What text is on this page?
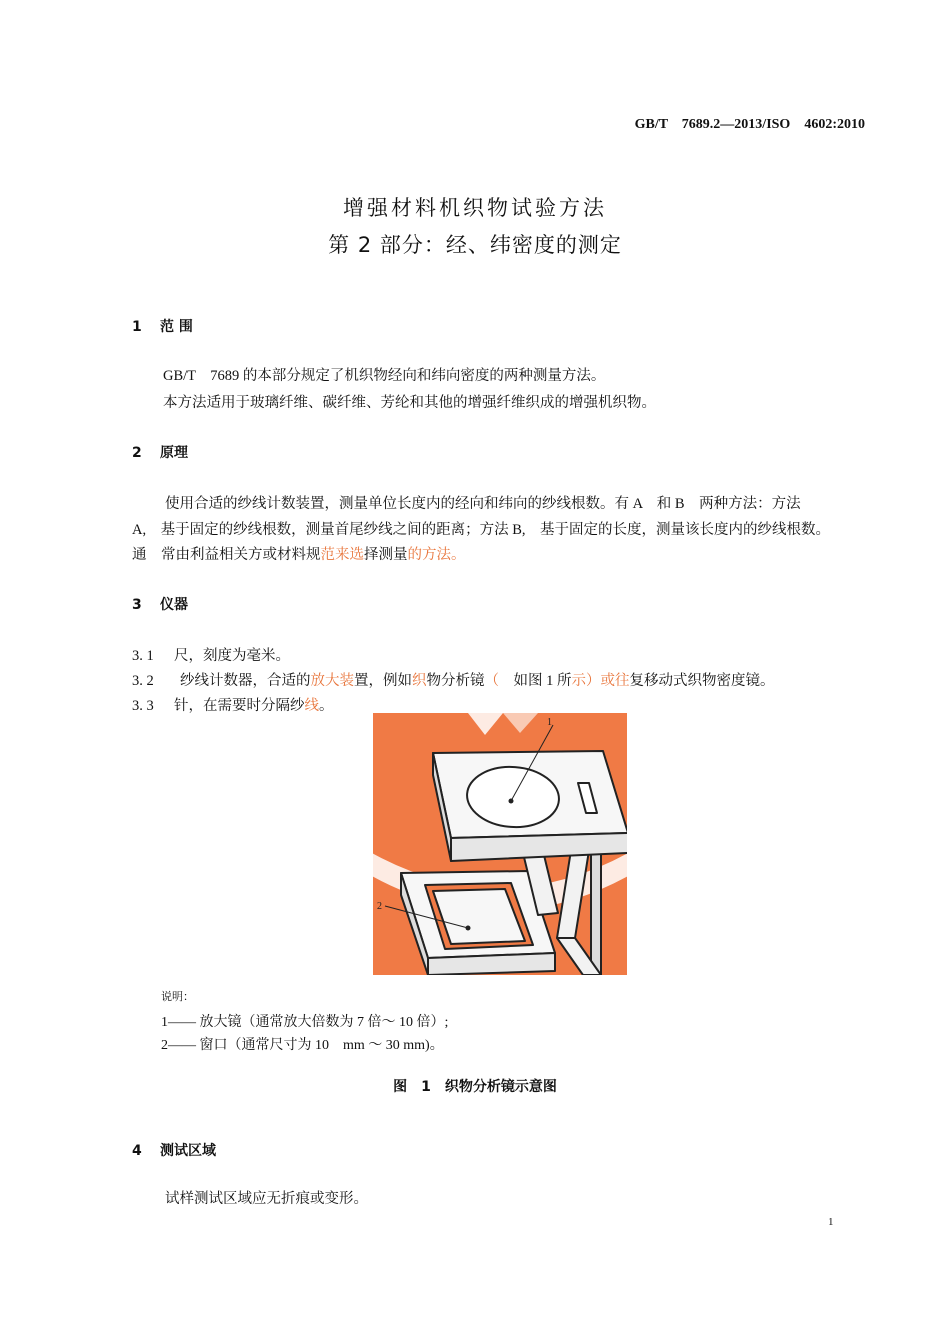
GB/T　7689.2—2013/ISO　4602:2010
增强材料机织物试验方法
第 2 部分：经、纬密度的测定
1 范 围
GB/T　7689 的本部分规定了机织物经向和纬向密度的两种测量方法。
本方法适用于玻璃纤维、碳纤维、芳纶和其他的增强纤维织成的增强机织物。
2 原理
使用合适的纱线计数装置，测量单位长度内的经向和纬向的纱线根数。有 A　和 B　两种方法：方法
A,　基于固定的纱线根数，测量首尾纱线之间的距离；方法 B,　基于固定的长度，测量该长度内的纱线根数。
通　常由利益相关方或材料规范来选择测量的方法。
3 仪器
3. 1 尺，刻度为毫米。
3. 2 纱线计数器，合适的放大装置，例如织物分析镜（　如图 1 所示）或往复移动式织物密度镜。
3. 3 针，在需要时分隔纱线。
1
2
说明：
1—— 放大镜（通常放大倍数为 7 倍～ 10 倍）;
2—— 窗口（通常尺寸为 10　mm ～ 30 mm)。
图　1　织物分析镜示意图
4 测试区域
试样测试区域应无折痕或变形。
1
